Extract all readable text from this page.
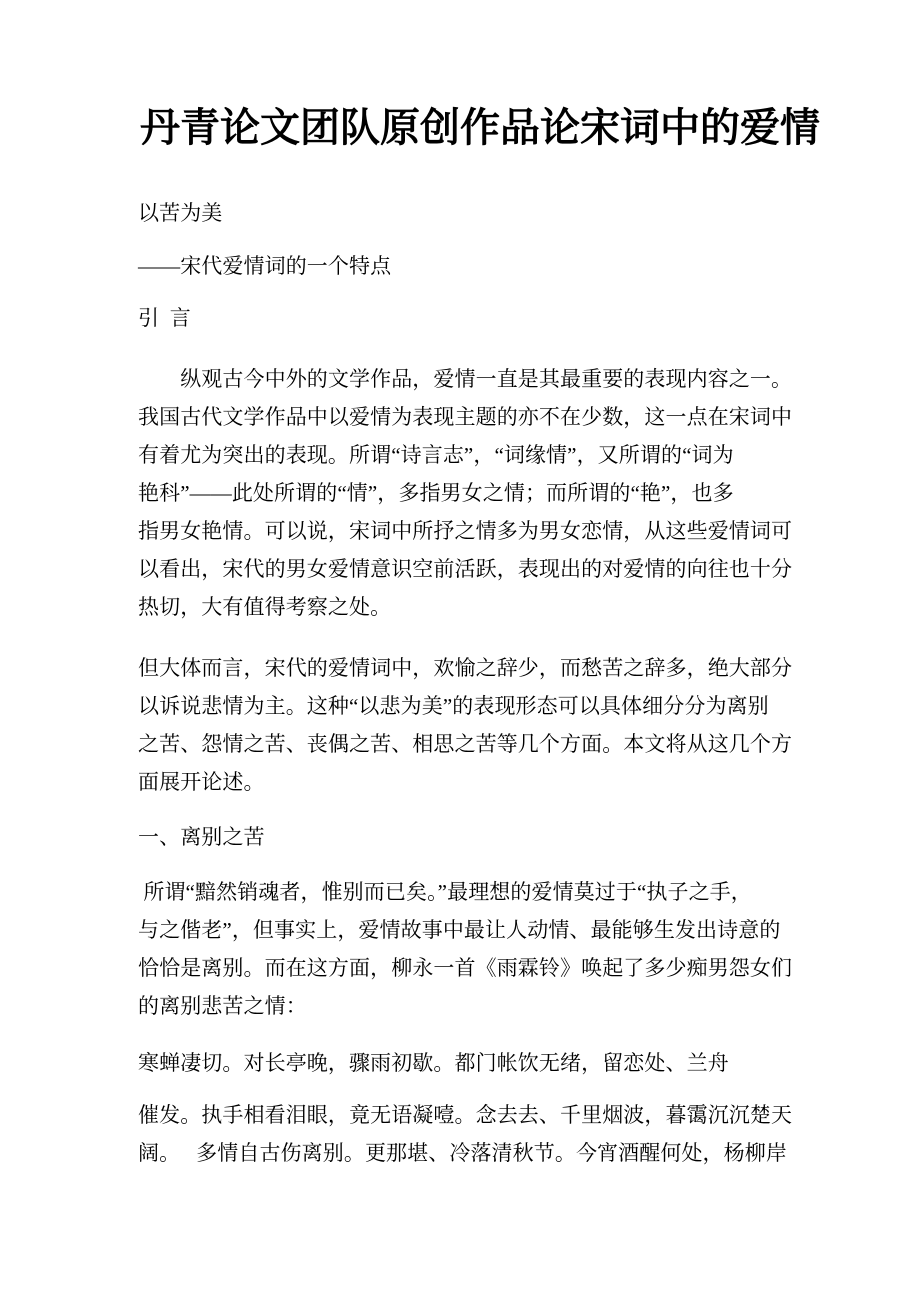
丹青论文团队原创作品论宋词中的爱情
以苦为美
——宋代爱情词的一个特点
引  言
　　纵观古今中外的文学作品，爱情一直是其最重要的表现内容之一。
我国古代文学作品中以爱情为表现主题的亦不在少数，这一点在宋词中
有着尤为突出的表现。所谓“诗言志”，“词缘情”，又所谓的“词为
艳科”——此处所谓的“情”，多指男女之情；而所谓的“艳”，也多
指男女艳情。可以说，宋词中所抒之情多为男女恋情，从这些爱情词可
以看出，宋代的男女爱情意识空前活跃，表现出的对爱情的向往也十分
热切，大有值得考察之处。
但大体而言，宋代的爱情词中，欢愉之辞少，而愁苦之辞多，绝大部分
以诉说悲情为主。这种“以悲为美”的表现形态可以具体细分分为离别
之苦、怨情之苦、丧偶之苦、相思之苦等几个方面。本文将从这几个方
面展开论述。
一、离别之苦
所谓“黯然销魂者，惟别而已矣。”最理想的爱情莫过于“执子之手，
与之偕老”，但事实上，爱情故事中最让人动情、最能够生发出诗意的
恰恰是离别。而在这方面，柳永一首《雨霖铃》唤起了多少痴男怨女们
的离别悲苦之情：
寒蝉凄切。对长亭晚，骤雨初歇。都门帐饮无绪，留恋处、兰舟
催发。执手相看泪眼，竟无语凝噎。念去去、千里烟波，暮霭沉沉楚天
阔。　 多情自古伤离别。更那堪、冷落清秋节。今宵酒醒何处，杨柳岸
